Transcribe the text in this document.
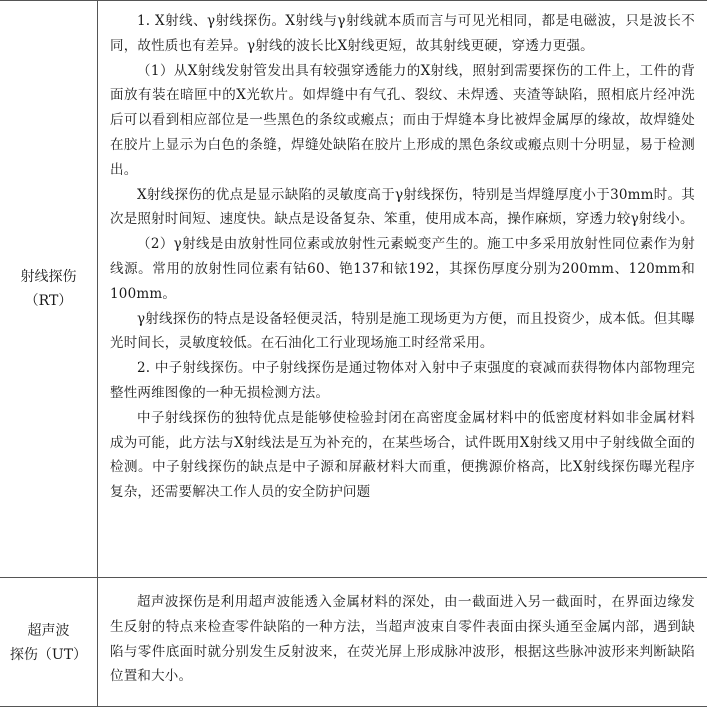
射线探伤
（RT）

1. X射线、γ射线探伤。X射线与γ射线就本质而言与可见光相同，都是电磁波，只是波长不同，故性质也有差异。γ射线的波长比X射线更短，故其射线更硬，穿透力更强。

（1）从X射线发射管发出具有较强穿透能力的X射线，照射到需要探伤的工件上，工件的背面放有装在暗匣中的X光软片。如焊缝中有气孔、裂纹、未焊透、夹渣等缺陷，照相底片经冲洗后可以看到相应部位是一些黑色的条纹或瘢点；而由于焊缝本身比被焊金属厚的缘故，故焊缝处在胶片上显示为白色的条缝，焊缝处缺陷在胶片上形成的黑色条纹或瘢点则十分明显，易于检测出。

X射线探伤的优点是显示缺陷的灵敏度高于γ射线探伤，特别是当焊缝厚度小于30mm时。其次是照射时间短、速度快。缺点是设备复杂、笨重，使用成本高，操作麻烦，穿透力较γ射线小。

（2）γ射线是由放射性同位素或放射性元素蜕变产生的。施工中多采用放射性同位素作为射线源。常用的放射性同位素有钴60、铯137和铱192，其探伤厚度分别为200mm、120mm和100mm。

γ射线探伤的特点是设备轻便灵活，特别是施工现场更为方便，而且投资少，成本低。但其曝光时间长，灵敏度较低。在石油化工行业现场施工时经常采用。

2. 中子射线探伤。中子射线探伤是通过物体对入射中子束强度的衰减而获得物体内部物理完整性两维图像的一种无损检测方法。

中子射线探伤的独特优点是能够使检验封闭在高密度金属材料中的低密度材料如非金属材料成为可能，此方法与X射线法是互为补充的，在某些场合，试件既用X射线又用中子射线做全面的检测。中子射线探伤的缺点是中子源和屏蔽材料大而重，便携源价格高，比X射线探伤曝光程序复杂，还需要解决工作人员的安全防护问题

超声波
探伤（UT）

超声波探伤是利用超声波能透入金属材料的深处，由一截面进入另一截面时，在界面边缘发生反射的特点来检查零件缺陷的一种方法，当超声波束自零件表面由探头通至金属内部，遇到缺陷与零件底面时就分别发生反射波来，在荧光屏上形成脉冲波形，根据这些脉冲波形来判断缺陷位置和大小。
